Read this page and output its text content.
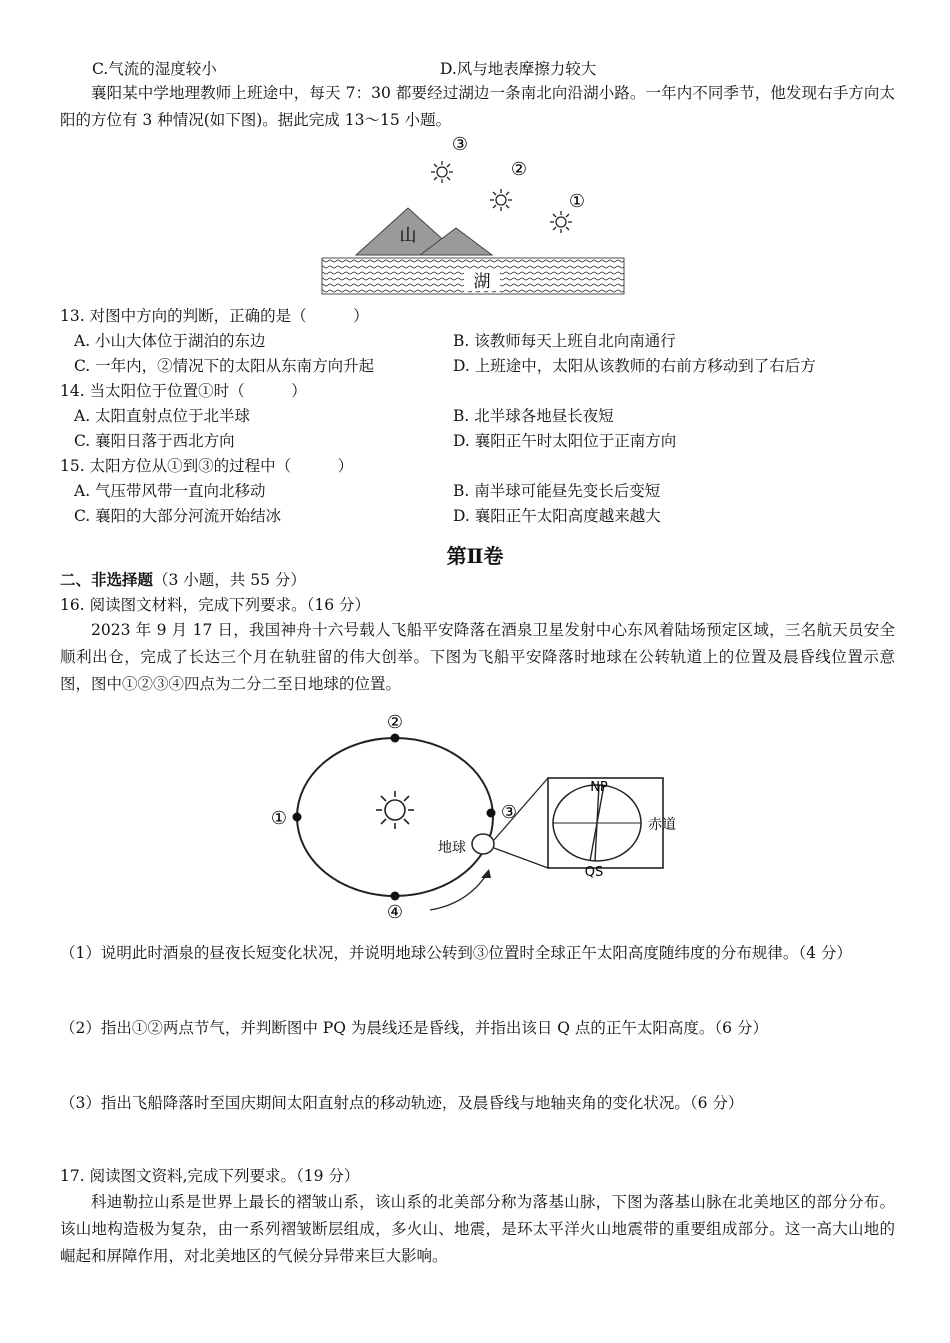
C.气流的湿度较小	D.风与地表摩擦力较大
襄阳某中学地理教师上班途中，每天 7：30 都要经过湖边一条南北向沿湖小路。一年内不同季节，他发现右手方向太阳的方位有 3 种情况(如下图)。据此完成 13～15 小题。
湖
山
③
②
①
13. 对图中方向的判断，正确的是（　　　）
A. 小山大体位于湖泊的东边	B. 该教师每天上班自北向南通行
C. 一年内，②情况下的太阳从东南方向升起	D. 上班途中，太阳从该教师的右前方移动到了右后方
14. 当太阳位于位置①时（　　　）
A. 太阳直射点位于北半球	B. 北半球各地昼长夜短
C. 襄阳日落于西北方向	D. 襄阳正午时太阳位于正南方向
15. 太阳方位从①到③的过程中（　　　）
A. 气压带风带一直向北移动	B. 南半球可能昼先变长后变短
C. 襄阳的大部分河流开始结冰	D. 襄阳正午太阳高度越来越大
第Ⅱ卷
二、非选择题（3 小题，共 55 分）
16. 阅读图文材料，完成下列要求。（16 分）
2023 年 9 月 17 日，我国神舟十六号载人飞船平安降落在酒泉卫星发射中心东风着陆场预定区域，三名航天员安全顺利出仓，完成了长达三个月在轨驻留的伟大创举。下图为飞船平安降落时地球在公转轨道上的位置及晨昏线位置示意图，图中①②③④四点为二分二至日地球的位置。
②
①
④
③
地球
NP
QS
赤道
（1）说明此时酒泉的昼夜长短变化状况，并说明地球公转到③位置时全球正午太阳高度随纬度的分布规律。（4 分）
（2）指出①②两点节气，并判断图中 PQ 为晨线还是昏线，并指出该日 Q 点的正午太阳高度。（6 分）
（3）指出飞船降落时至国庆期间太阳直射点的移动轨迹，及晨昏线与地轴夹角的变化状况。（6 分）
17. 阅读图文资料,完成下列要求。（19 分）
科迪勒拉山系是世界上最长的褶皱山系，该山系的北美部分称为落基山脉，下图为落基山脉在北美地区的部分分布。该山地构造极为复杂，由一系列褶皱断层组成，多火山、地震，是环太平洋火山地震带的重要组成部分。这一高大山地的崛起和屏障作用，对北美地区的气候分异带来巨大影响。
